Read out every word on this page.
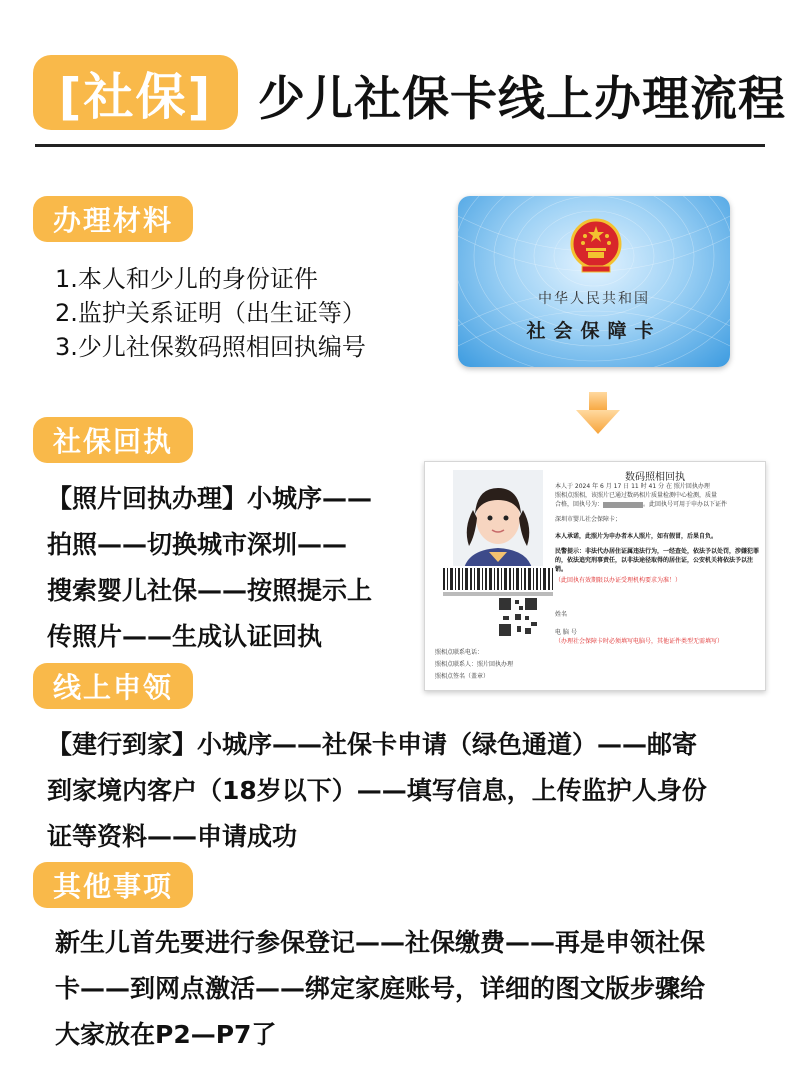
[社保] 少儿社保卡线上办理流程
办理材料
1.本人和少儿的身份证件
2.监护关系证明（出生证等）
3.少儿社保数码照相回执编号
中华人民共和国
社会保障卡
社保回执
【照片回执办理】小城序——
拍照——切换城市深圳——
搜索婴儿社保——按照提示上
传照片——生成认证回执
数码照相回执
本人于 2024 年 6 月 17 日 11 时 41 分 在 照片回执办理
照相点照相，该照片已通过数码相片质量检测中心检测，质量
合格，回执号为：	。此回执号可用于申办以下证件
深圳市婴儿社会保障卡；
本人承诺，此照片为申办者本人照片，如有假冒，后果自负。
民警提示：非法代办居住证属违法行为，一经查处，依法予以处罚，涉嫌犯罪的，依法追究刑事责任，以非法途径取得的居住证，公安机关将依法予以注销。
（此回执有效期限以办证受理机构要求为准！）
姓名
电 脑 号
（办理社会保障卡时必须填写电脑号，其他证件类型无需填写）
照相点联系电话：
照相点联系人：照片回执办理
照相点签名（盖章）
线上申领
【建行到家】小城序——社保卡申请（绿色通道）——邮寄
到家境内客户（18岁以下）——填写信息，上传监护人身份
证等资料——申请成功
其他事项
新生儿首先要进行参保登记——社保缴费——再是申领社保
卡——到网点激活——绑定家庭账号，详细的图文版步骤给
大家放在P2—P7了
